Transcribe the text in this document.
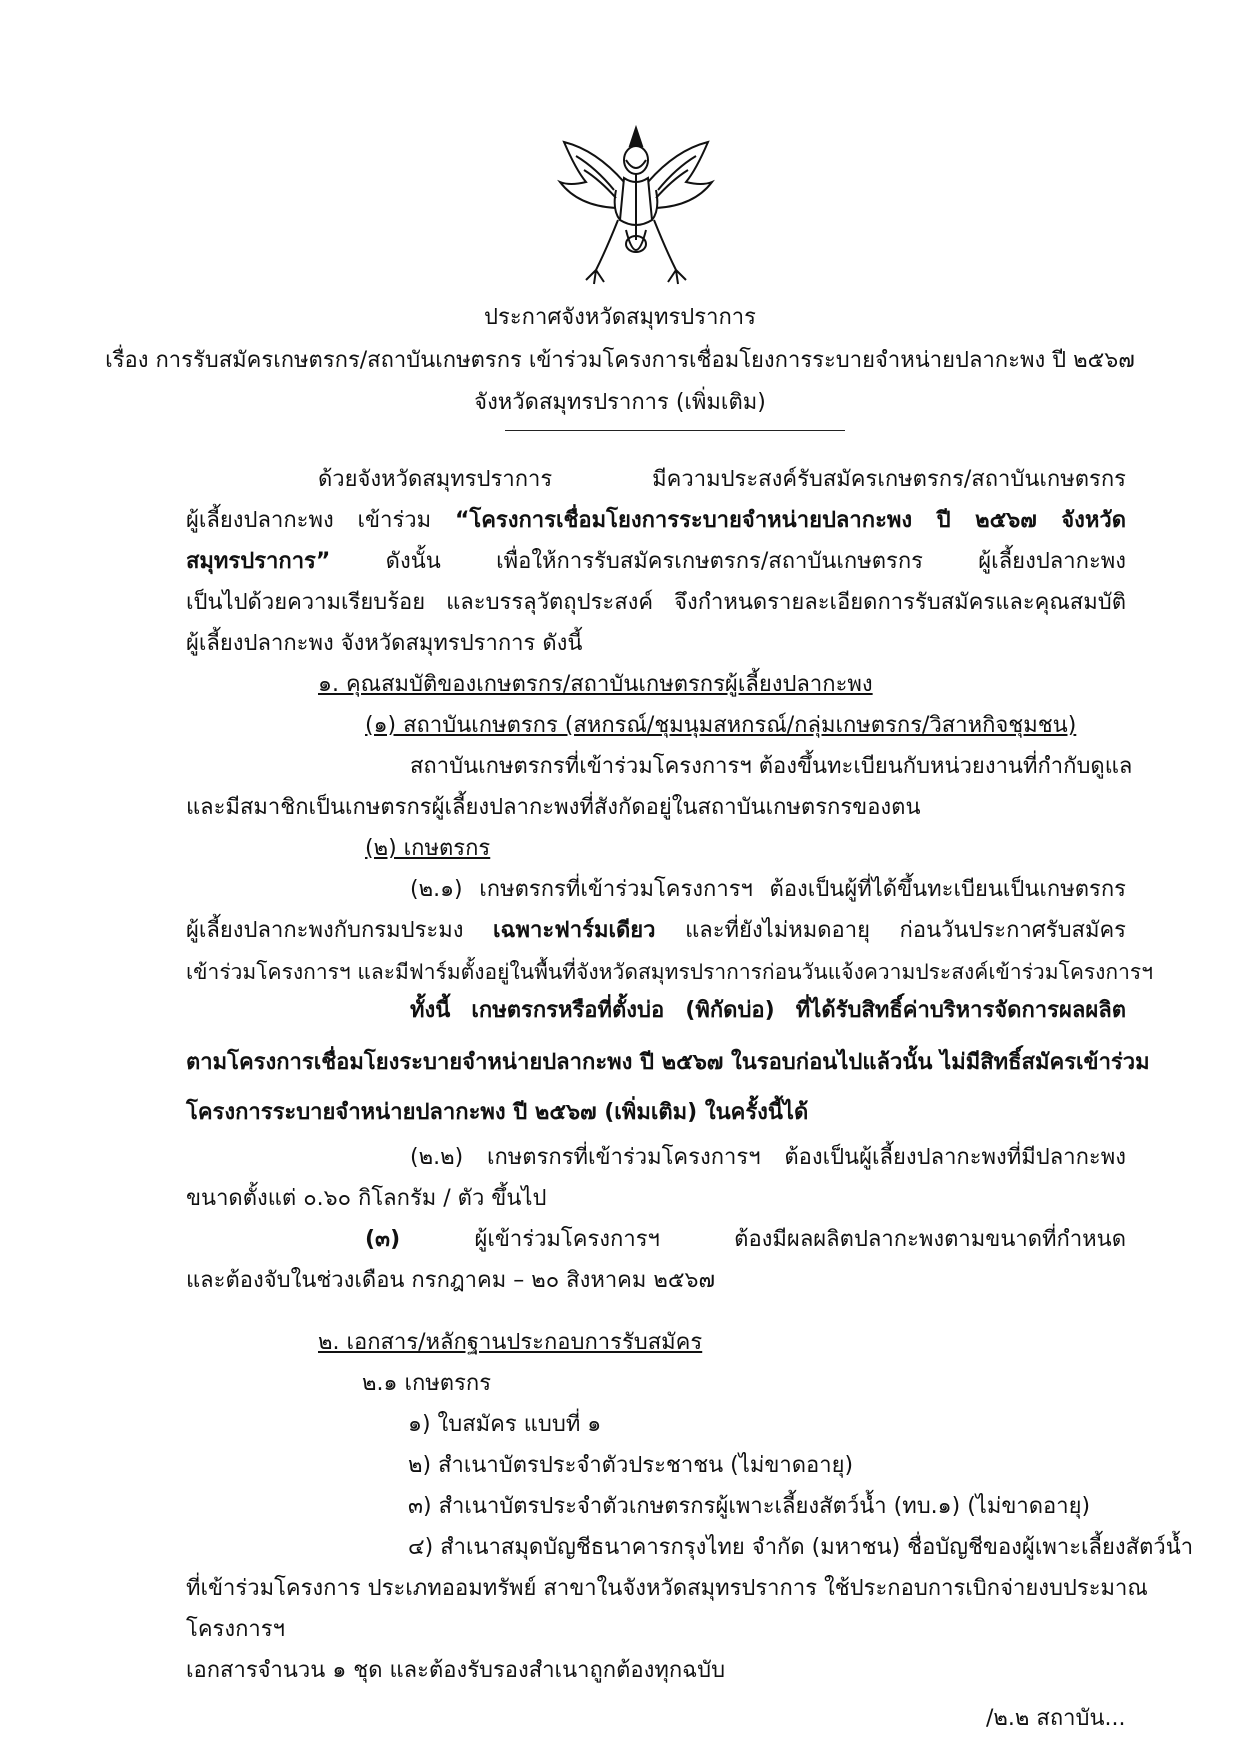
ประกาศจังหวัดสมุทรปราการ
เรื่อง การรับสมัครเกษตรกร/สถาบันเกษตรกร เข้าร่วมโครงการเชื่อมโยงการระบายจำหน่ายปลากะพง ปี ๒๕๖๗
จังหวัดสมุทรปราการ (เพิ่มเติม)
ด้วยจังหวัดสมุทรปราการ มีความประสงค์รับสมัครเกษตรกร/สถาบันเกษตรกร
ผู้เลี้ยงปลากะพง เข้าร่วม “โครงการเชื่อมโยงการระบายจำหน่ายปลากะพง ปี ๒๕๖๗ จังหวัด
สมุทรปราการ” ดังนั้น เพื่อให้การรับสมัครเกษตรกร/สถาบันเกษตรกร ผู้เลี้ยงปลากะพง
เป็นไปด้วยความเรียบร้อย และบรรลุวัตถุประสงค์ จึงกำหนดรายละเอียดการรับสมัครและคุณสมบัติ
ผู้เลี้ยงปลากะพง จังหวัดสมุทรปราการ ดังนี้
๑. คุณสมบัติของเกษตรกร/สถาบันเกษตรกรผู้เลี้ยงปลากะพง
(๑) สถาบันเกษตรกร (สหกรณ์/ชุมนุมสหกรณ์/กลุ่มเกษตรกร/วิสาหกิจชุมชน)
สถาบันเกษตรกรที่เข้าร่วมโครงการฯ ต้องขึ้นทะเบียนกับหน่วยงานที่กำกับดูแล
และมีสมาชิกเป็นเกษตรกรผู้เลี้ยงปลากะพงที่สังกัดอยู่ในสถาบันเกษตรกรของตน
(๒) เกษตรกร
(๒.๑) เกษตรกรที่เข้าร่วมโครงการฯ ต้องเป็นผู้ที่ได้ขึ้นทะเบียนเป็นเกษตรกร
ผู้เลี้ยงปลากะพงกับกรมประมง เฉพาะฟาร์มเดียว และที่ยังไม่หมดอายุ ก่อนวันประกาศรับสมัคร
เข้าร่วมโครงการฯ และมีฟาร์มตั้งอยู่ในพื้นที่จังหวัดสมุทรปราการก่อนวันแจ้งความประสงค์เข้าร่วมโครงการฯ
ทั้งนี้ เกษตรกรหรือที่ตั้งบ่อ (พิกัดบ่อ) ที่ได้รับสิทธิ์ค่าบริหารจัดการผลผลิต
ตามโครงการเชื่อมโยงระบายจำหน่ายปลากะพง ปี ๒๕๖๗ ในรอบก่อนไปแล้วนั้น ไม่มีสิทธิ์สมัครเข้าร่วม
โครงการระบายจำหน่ายปลากะพง ปี ๒๕๖๗ (เพิ่มเติม) ในครั้งนี้ได้
(๒.๒) เกษตรกรที่เข้าร่วมโครงการฯ ต้องเป็นผู้เลี้ยงปลากะพงที่มีปลากะพง
ขนาดตั้งแต่ ๐.๖๐ กิโลกรัม / ตัว ขึ้นไป
(๓) ผู้เข้าร่วมโครงการฯ ต้องมีผลผลิตปลากะพงตามขนาดที่กำหนด
และต้องจับในช่วงเดือน กรกฎาคม – ๒๐ สิงหาคม ๒๕๖๗
๒. เอกสาร/หลักฐานประกอบการรับสมัคร
๒.๑ เกษตรกร
๑) ใบสมัคร แบบที่ ๑
๒) สำเนาบัตรประจำตัวประชาชน (ไม่ขาดอายุ)
๓) สำเนาบัตรประจำตัวเกษตรกรผู้เพาะเลี้ยงสัตว์น้ำ (ทบ.๑) (ไม่ขาดอายุ)
๔) สำเนาสมุดบัญชีธนาคารกรุงไทย จำกัด (มหาชน) ชื่อบัญชีของผู้เพาะเลี้ยงสัตว์น้ำ
ที่เข้าร่วมโครงการ ประเภทออมทรัพย์ สาขาในจังหวัดสมุทรปราการ ใช้ประกอบการเบิกจ่ายงบประมาณ
โครงการฯ
เอกสารจำนวน ๑ ชุด และต้องรับรองสำเนาถูกต้องทุกฉบับ
/๒.๒ สถาบัน...
